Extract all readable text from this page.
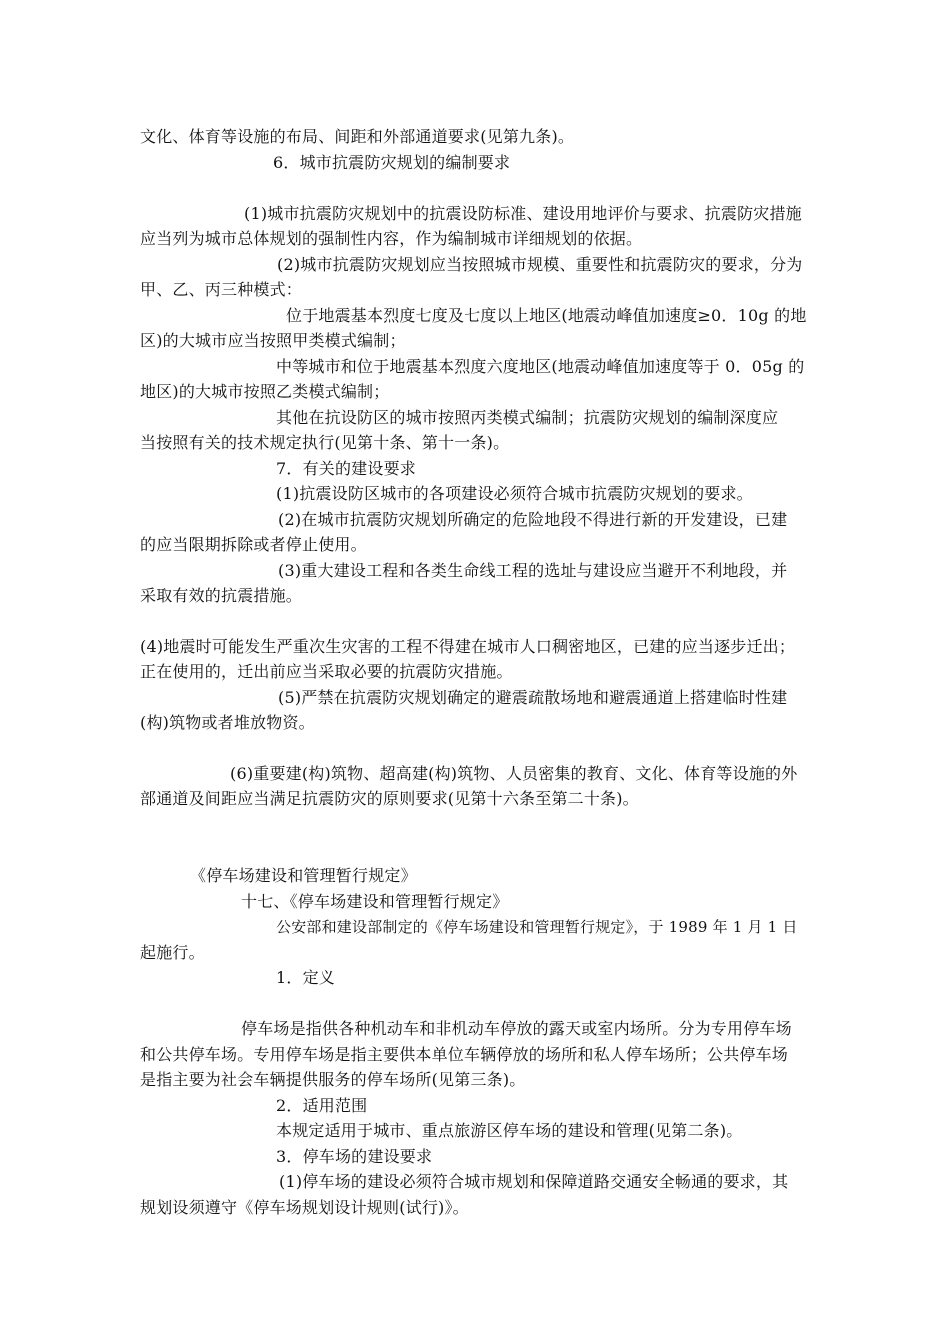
文化、体育等设施的布局、间距和外部通道要求(见第九条)。
6．城市抗震防灾规划的编制要求
(1)城市抗震防灾规划中的抗震设防标准、建设用地评价与要求、抗震防灾措施
应当列为城市总体规划的强制性内容，作为编制城市详细规划的依据。
(2)城市抗震防灾规划应当按照城市规模、重要性和抗震防灾的要求，分为
甲、乙、丙三种模式：
位于地震基本烈度七度及七度以上地区(地震动峰值加速度≥0．10g 的地
区)的大城市应当按照甲类模式编制；
中等城市和位于地震基本烈度六度地区(地震动峰值加速度等于 0．05g 的
地区)的大城市按照乙类模式编制；
其他在抗设防区的城市按照丙类模式编制；抗震防灾规划的编制深度应
当按照有关的技术规定执行(见第十条、第十一条)。
7．有关的建设要求
(1)抗震设防区城市的各项建设必须符合城市抗震防灾规划的要求。
(2)在城市抗震防灾规划所确定的危险地段不得进行新的开发建设，已建
的应当限期拆除或者停止使用。
(3)重大建设工程和各类生命线工程的选址与建设应当避开不利地段，并
采取有效的抗震措施。
(4)地震时可能发生严重次生灾害的工程不得建在城市人口稠密地区，已建的应当逐步迁出；
正在使用的，迁出前应当采取必要的抗震防灾措施。
(5)严禁在抗震防灾规划确定的避震疏散场地和避震通道上搭建临时性建
(构)筑物或者堆放物资。
(6)重要建(构)筑物、超高建(构)筑物、人员密集的教育、文化、体育等设施的外
部通道及间距应当满足抗震防灾的原则要求(见第十六条至第二十条)。
《停车场建设和管理暂行规定》
十七、《停车场建设和管理暂行规定》
公安部和建设部制定的《停车场建设和管理暂行规定》，于 1989 年 1 月 1 日
起施行。
1．定义
停车场是指供各种机动车和非机动车停放的露天或室内场所。分为专用停车场
和公共停车场。专用停车场是指主要供本单位车辆停放的场所和私人停车场所；公共停车场
是指主要为社会车辆提供服务的停车场所(见第三条)。
2．适用范围
本规定适用于城市、重点旅游区停车场的建设和管理(见第二条)。
3．停车场的建设要求
(1)停车场的建设必须符合城市规划和保障道路交通安全畅通的要求，其
规划设须遵守《停车场规划设计规则(试行)》。
